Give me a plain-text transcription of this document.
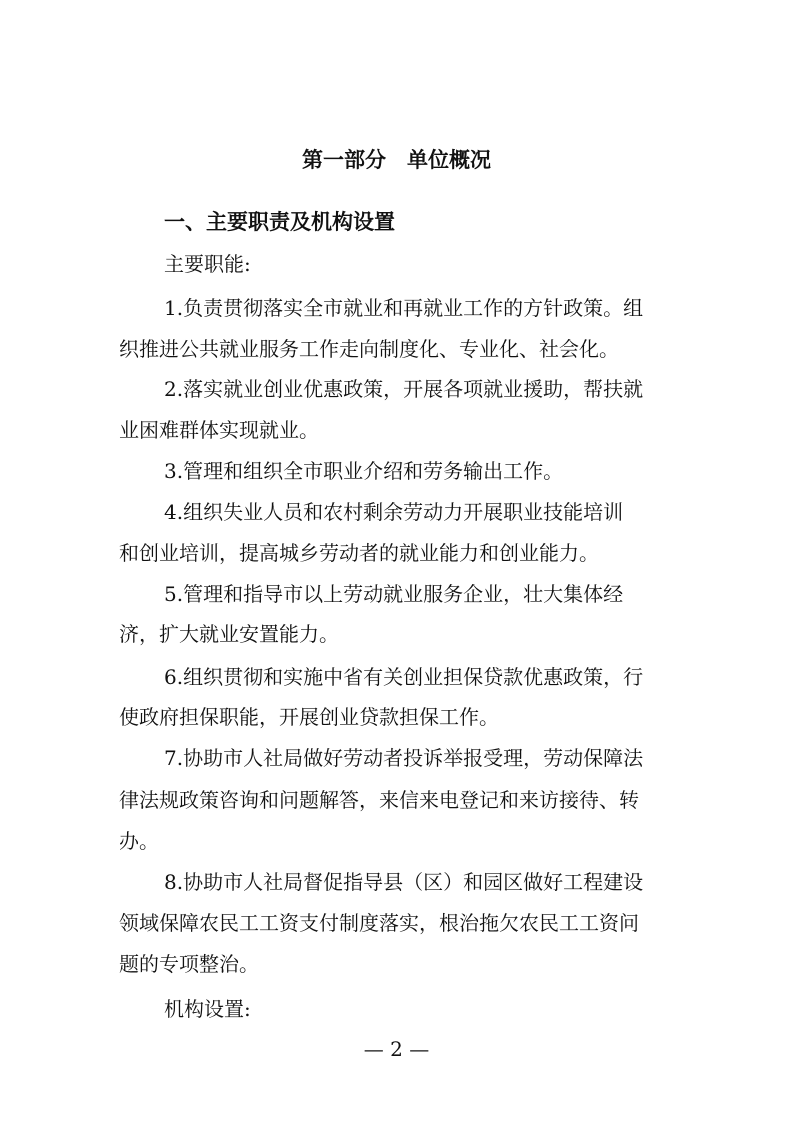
第一部分　单位概况
一、主要职责及机构设置
主要职能:
1.负责贯彻落实全市就业和再就业工作的方针政策。组
织推进公共就业服务工作走向制度化、专业化、社会化。
2.落实就业创业优惠政策，开展各项就业援助，帮扶就
业困难群体实现就业。
3.管理和组织全市职业介绍和劳务输出工作。
4.组织失业人员和农村剩余劳动力开展职业技能培训
和创业培训，提高城乡劳动者的就业能力和创业能力。
5.管理和指导市以上劳动就业服务企业，壮大集体经
济，扩大就业安置能力。
6.组织贯彻和实施中省有关创业担保贷款优惠政策，行
使政府担保职能，开展创业贷款担保工作。
7.协助市人社局做好劳动者投诉举报受理，劳动保障法
律法规政策咨询和问题解答，来信来电登记和来访接待、转
办。
8.协助市人社局督促指导县（区）和园区做好工程建设
领域保障农民工工资支付制度落实，根治拖欠农民工工资问
题的专项整治。
机构设置:
— 2 —
